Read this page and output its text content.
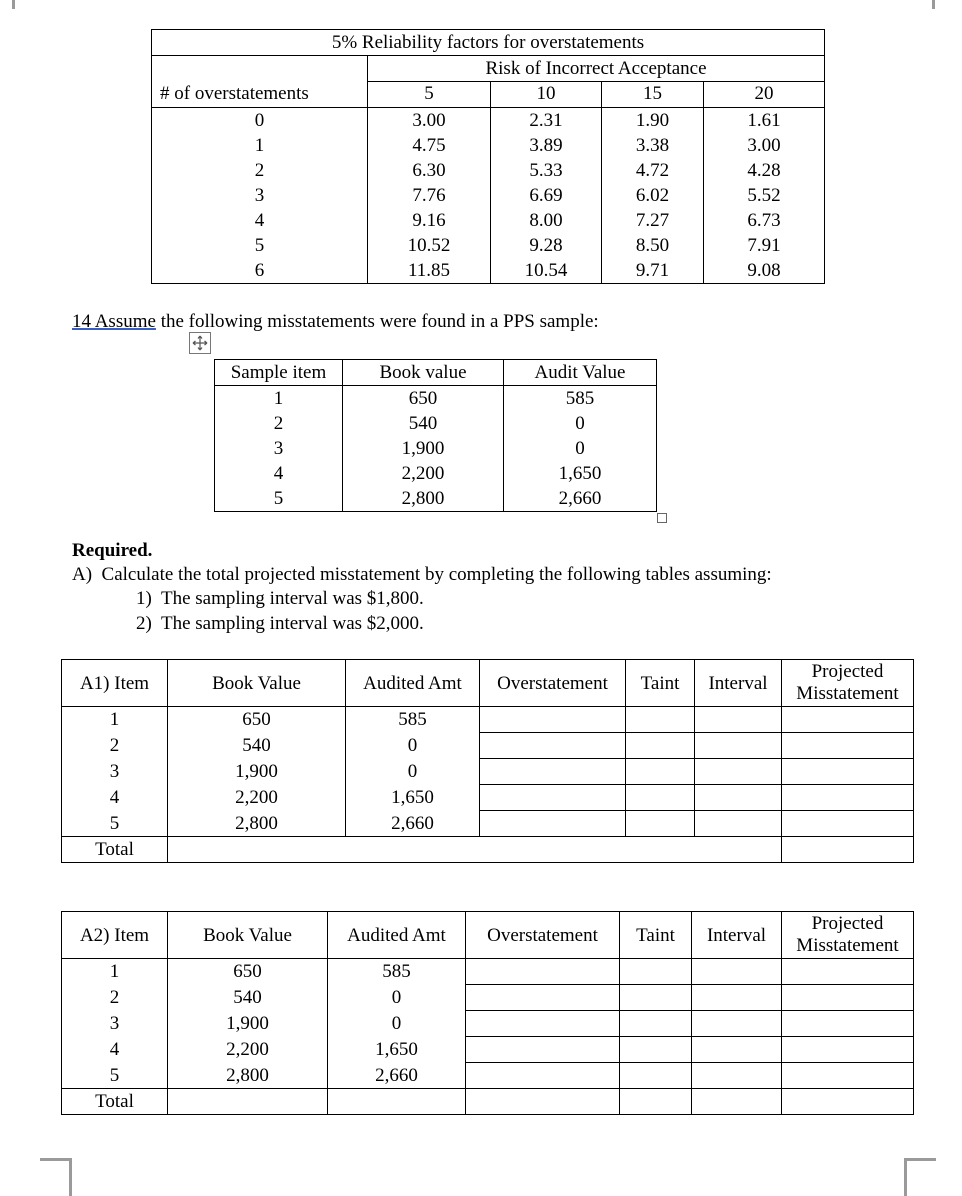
5% Reliability factors for overstatements				
	Risk of Incorrect Acceptance			
# of overstatements	5	10	15	20
0	3.00	2.31	1.90	1.61
1	4.75	3.89	3.38	3.00
2	6.30	5.33	4.72	4.28
3	7.76	6.69	6.02	5.52
4	9.16	8.00	7.27	6.73
5	10.52	9.28	8.50	7.91
6	11.85	10.54	9.71	9.08
14 Assume the following misstatements were found in a PPS sample:
Sample item	Book value	Audit Value
1	650	585
2	540	0
3	1,900	0
4	2,200	1,650
5	2,800	2,660
Required.
A)  Calculate the total projected misstatement by completing the following tables assuming:
1)  The sampling interval was $1,800.
2)  The sampling interval was $2,000.
A1) Item	Book Value	Audited Amt	Overstatement	Taint	Interval	Projected Misstatement
1	650	585				
2	540	0				
3	1,900	0				
4	2,200	1,650				
5	2,800	2,660				
Total						
A2) Item	Book Value	Audited Amt	Overstatement	Taint	Interval	Projected Misstatement
1	650	585				
2	540	0				
3	1,900	0				
4	2,200	1,650				
5	2,800	2,660				
Total						
